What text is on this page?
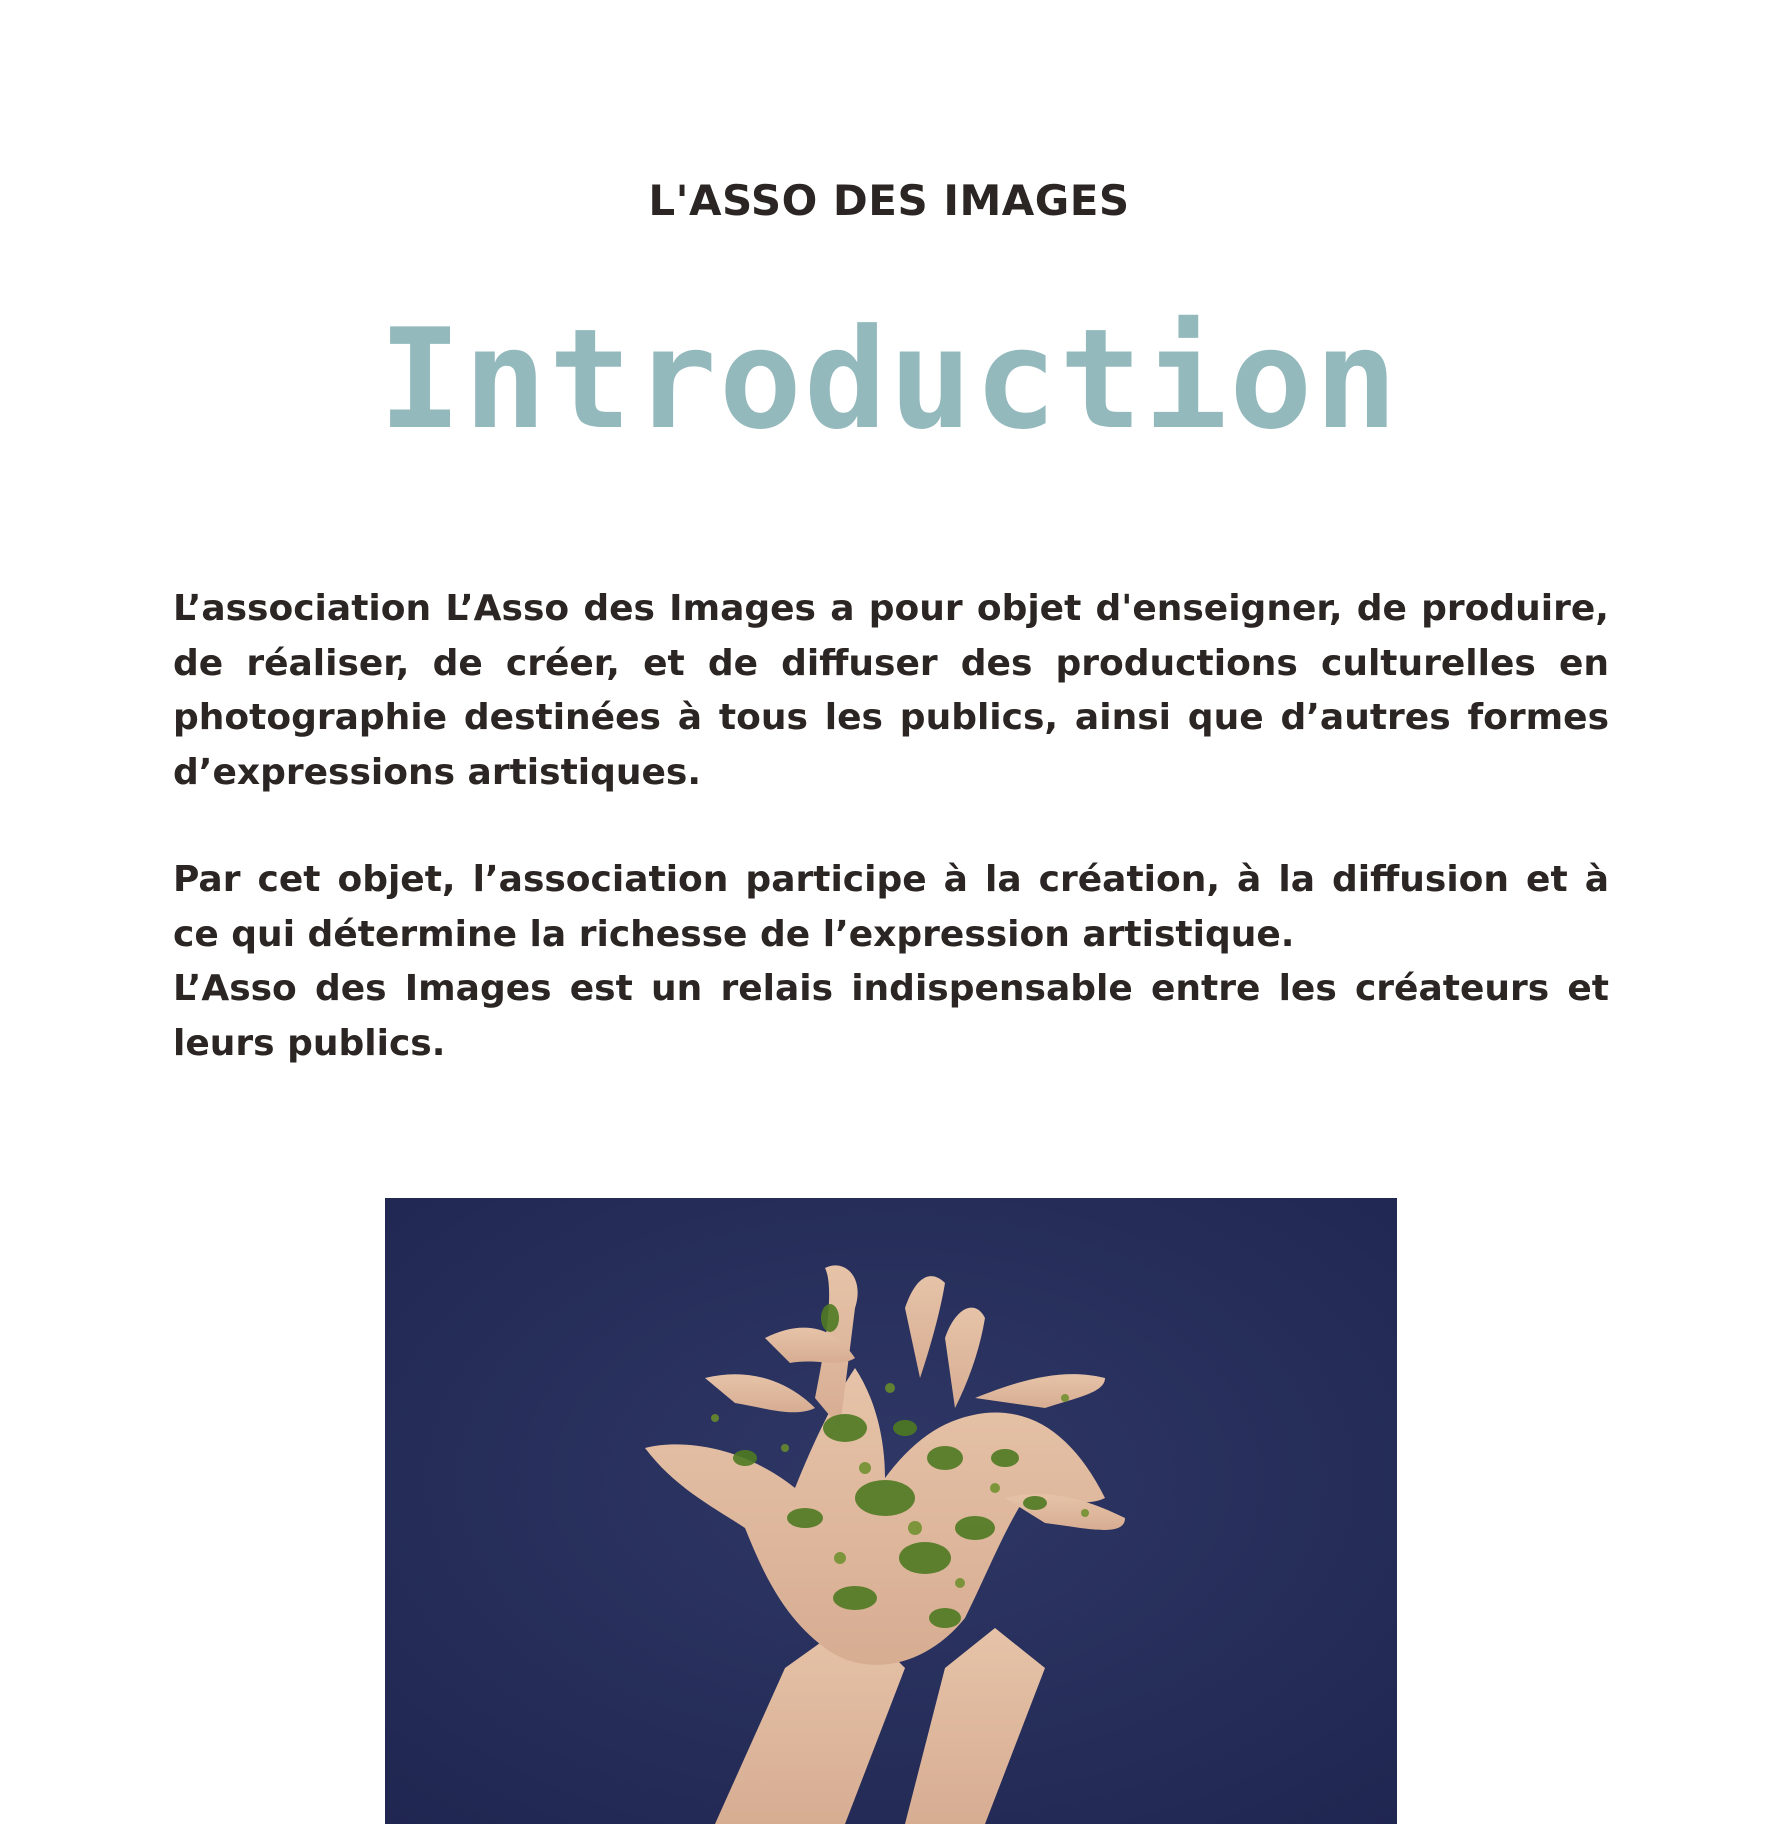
L'ASSO DES IMAGES
Introduction

L’association L’Asso des Images a pour objet d'enseigner, de produire, de réaliser, de créer, et de diffuser des productions culturelles en photographie destinées à tous les publics, ainsi que d’autres formes d’expressions artistiques.

Par cet objet, l’association participe à la création, à la diffusion et à ce qui détermine la richesse de l’expression artistique.

L’Asso des Images est un relais indispensable entre les créateurs et leurs publics.
